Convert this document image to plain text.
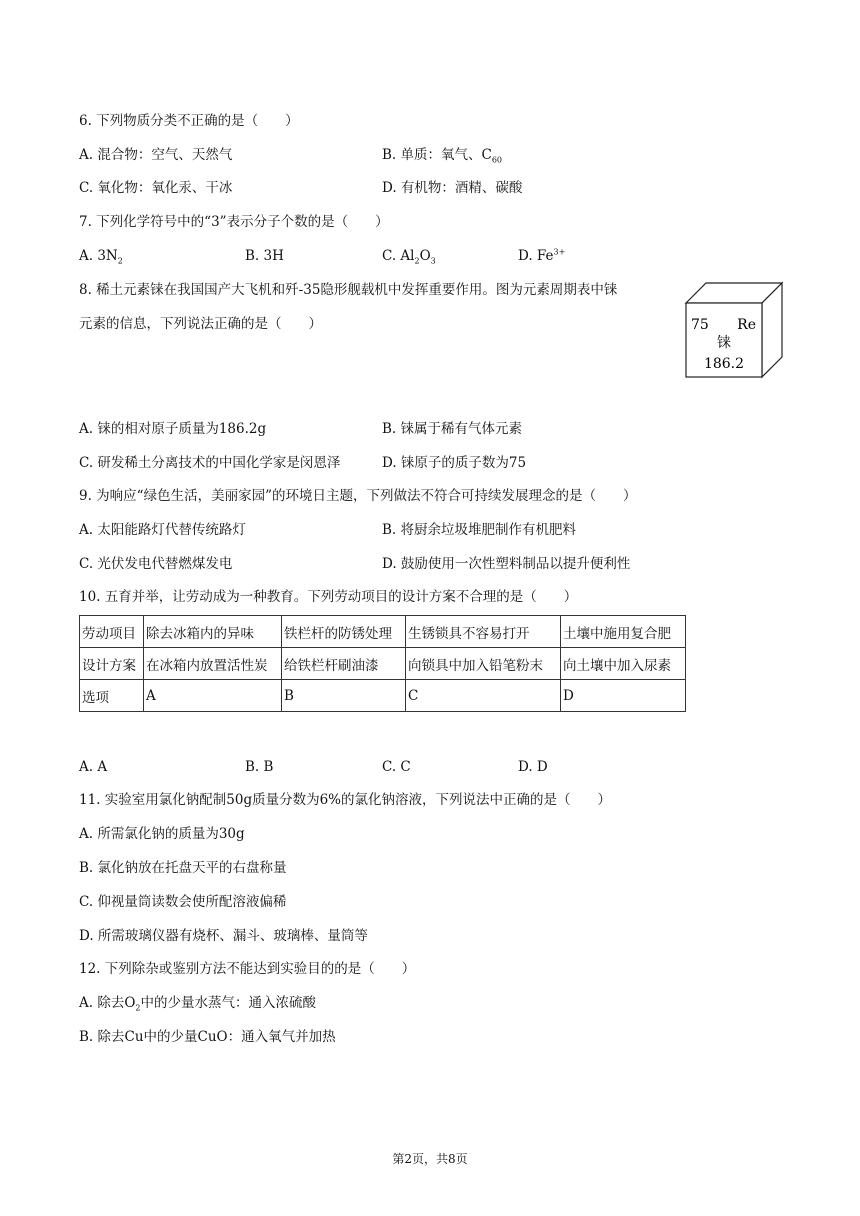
6. 下列物质分类不正确的是（　　）
A. 混合物：空气、天然气	B. 单质：氧气、$C_{60}$
C. 氧化物：氧化汞、干冰	D. 有机物：酒精、碳酸
7. 下列化学符号中的“3”表示分子个数的是（　　）
A. $3N_2$	B. 3H	C. $Al_2O_3$	D. $Fe^{3+}$
8. 稀土元素铼在我国国产大飞机和歼-35隐形舰载机中发挥重要作用。图为元素周期表中铼
元素的信息，下列说法正确的是（　　）	75 Re
铼
186.2
A. 铼的相对原子质量为186.2g	B. 铼属于稀有气体元素
C. 研发稀土分离技术的中国化学家是闵恩泽	D. 铼原子的质子数为75
9. 为响应“绿色生活，美丽家园”的环境日主题，下列做法不符合可持续发展理念的是（　　）
A. 太阳能路灯代替传统路灯	B. 将厨余垃圾堆肥制作有机肥料
C. 光伏发电代替燃煤发电	D. 鼓励使用一次性塑料制品以提升便利性
10. 五育并举，让劳动成为一种教育。下列劳动项目的设计方案不合理的是（　　）
劳动项目	除去冰箱内的异味	铁栏杆的防锈处理	生锈锁具不容易打开	土壤中施用复合肥
设计方案	在冰箱内放置活性炭	给铁栏杆刷油漆	向锁具中加入铅笔粉末	向土壤中加入尿素
选项	A	B	C	D
A. A	B. B	C. C	D. D
11. 实验室用氯化钠配制50g质量分数为6%的氯化钠溶液，下列说法中正确的是（　　）
A. 所需氯化钠的质量为30g
B. 氯化钠放在托盘天平的右盘称量
C. 仰视量筒读数会使所配溶液偏稀
D. 所需玻璃仪器有烧杯、漏斗、玻璃棒、量筒等
12. 下列除杂或鉴别方法不能达到实验目的的是（　　）
A. 除去$O_2$中的少量水蒸气：通入浓硫酸
B. 除去Cu中的少量CuO：通入氧气并加热
第2页，共8页
